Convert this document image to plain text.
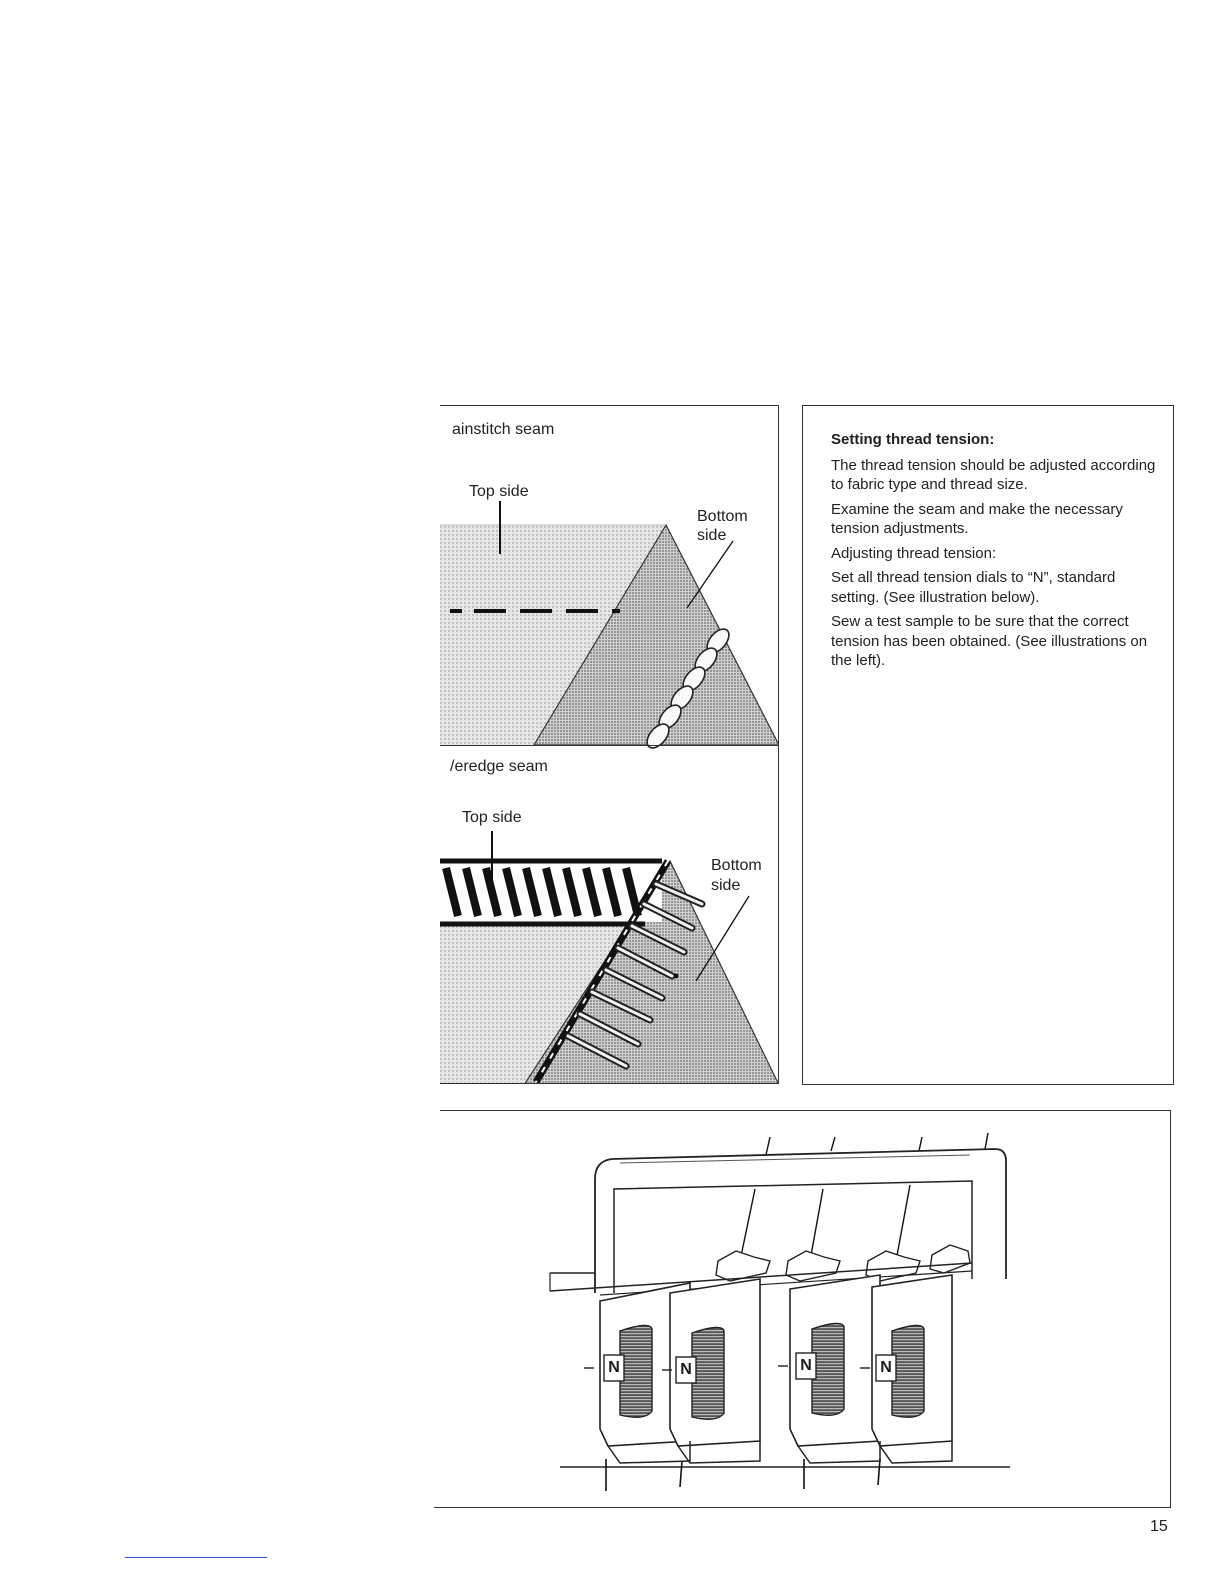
ainstitch seam
Top side
Bottom
side
/eredge seam
Top side
Bottom
side
Setting thread tension:

The thread tension should be adjusted according to fabric type and thread size.

Examine the seam and make the necessary tension adjustments.

Adjusting thread tension:

Set all thread tension dials to “N”, standard setting. (See illustration below).

Sew a test sample to be sure that the correct tension has been obtained. (See illustrations on the left).

N	N	N	N
15
